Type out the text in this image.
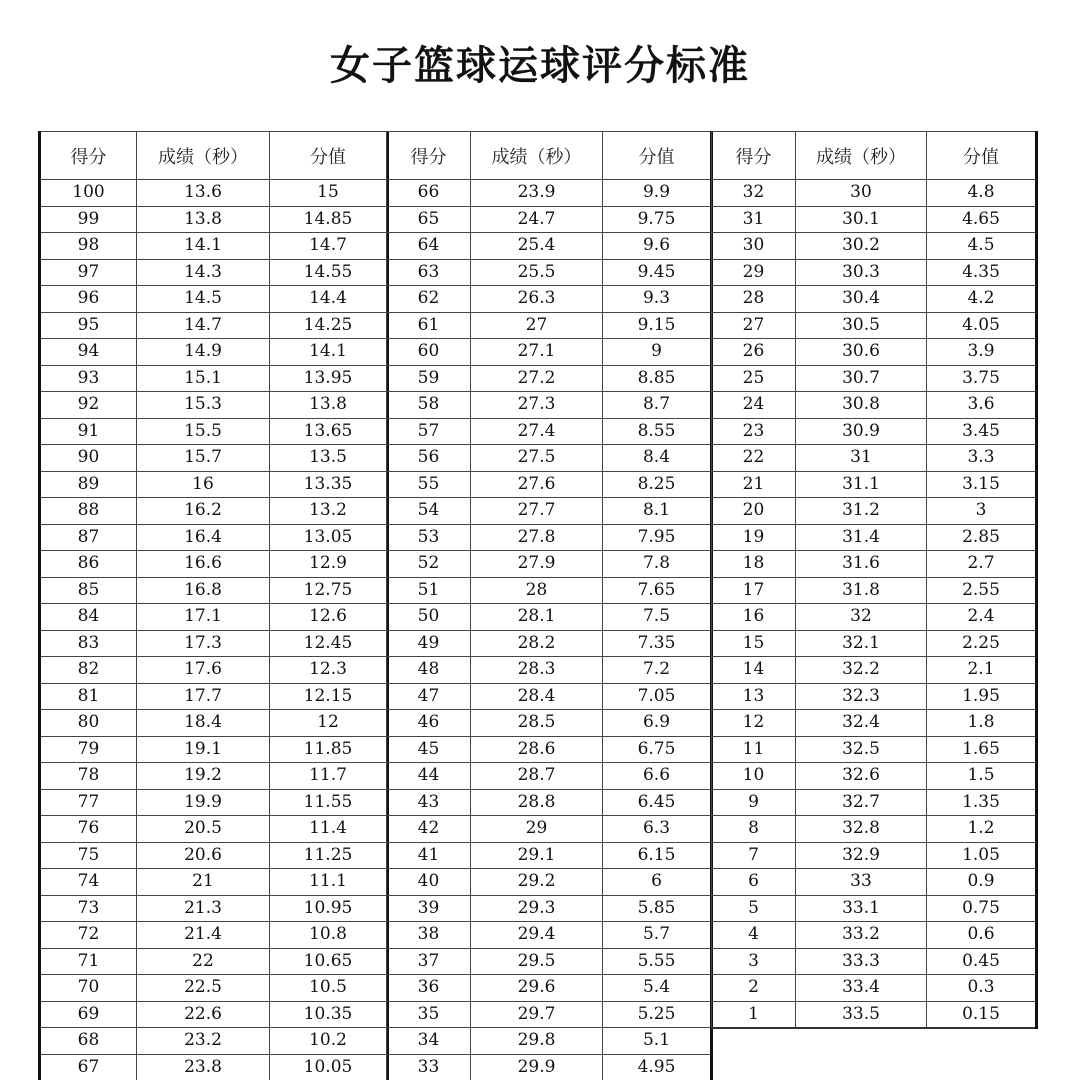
女子篮球运球评分标准
得分	成绩（秒）	分值
100	13.6	15
99	13.8	14.85
98	14.1	14.7
97	14.3	14.55
96	14.5	14.4
95	14.7	14.25
94	14.9	14.1
93	15.1	13.95
92	15.3	13.8
91	15.5	13.65
90	15.7	13.5
89	16	13.35
88	16.2	13.2
87	16.4	13.05
86	16.6	12.9
85	16.8	12.75
84	17.1	12.6
83	17.3	12.45
82	17.6	12.3
81	17.7	12.15
80	18.4	12
79	19.1	11.85
78	19.2	11.7
77	19.9	11.55
76	20.5	11.4
75	20.6	11.25
74	21	11.1
73	21.3	10.95
72	21.4	10.8
71	22	10.65
70	22.5	10.5
69	22.6	10.35
68	23.2	10.2
67	23.8	10.05
得分	成绩（秒）	分值
66	23.9	9.9
65	24.7	9.75
64	25.4	9.6
63	25.5	9.45
62	26.3	9.3
61	27	9.15
60	27.1	9
59	27.2	8.85
58	27.3	8.7
57	27.4	8.55
56	27.5	8.4
55	27.6	8.25
54	27.7	8.1
53	27.8	7.95
52	27.9	7.8
51	28	7.65
50	28.1	7.5
49	28.2	7.35
48	28.3	7.2
47	28.4	7.05
46	28.5	6.9
45	28.6	6.75
44	28.7	6.6
43	28.8	6.45
42	29	6.3
41	29.1	6.15
40	29.2	6
39	29.3	5.85
38	29.4	5.7
37	29.5	5.55
36	29.6	5.4
35	29.7	5.25
34	29.8	5.1
33	29.9	4.95
得分	成绩（秒）	分值
32	30	4.8
31	30.1	4.65
30	30.2	4.5
29	30.3	4.35
28	30.4	4.2
27	30.5	4.05
26	30.6	3.9
25	30.7	3.75
24	30.8	3.6
23	30.9	3.45
22	31	3.3
21	31.1	3.15
20	31.2	3
19	31.4	2.85
18	31.6	2.7
17	31.8	2.55
16	32	2.4
15	32.1	2.25
14	32.2	2.1
13	32.3	1.95
12	32.4	1.8
11	32.5	1.65
10	32.6	1.5
9	32.7	1.35
8	32.8	1.2
7	32.9	1.05
6	33	0.9
5	33.1	0.75
4	33.2	0.6
3	33.3	0.45
2	33.4	0.3
1	33.5	0.15
